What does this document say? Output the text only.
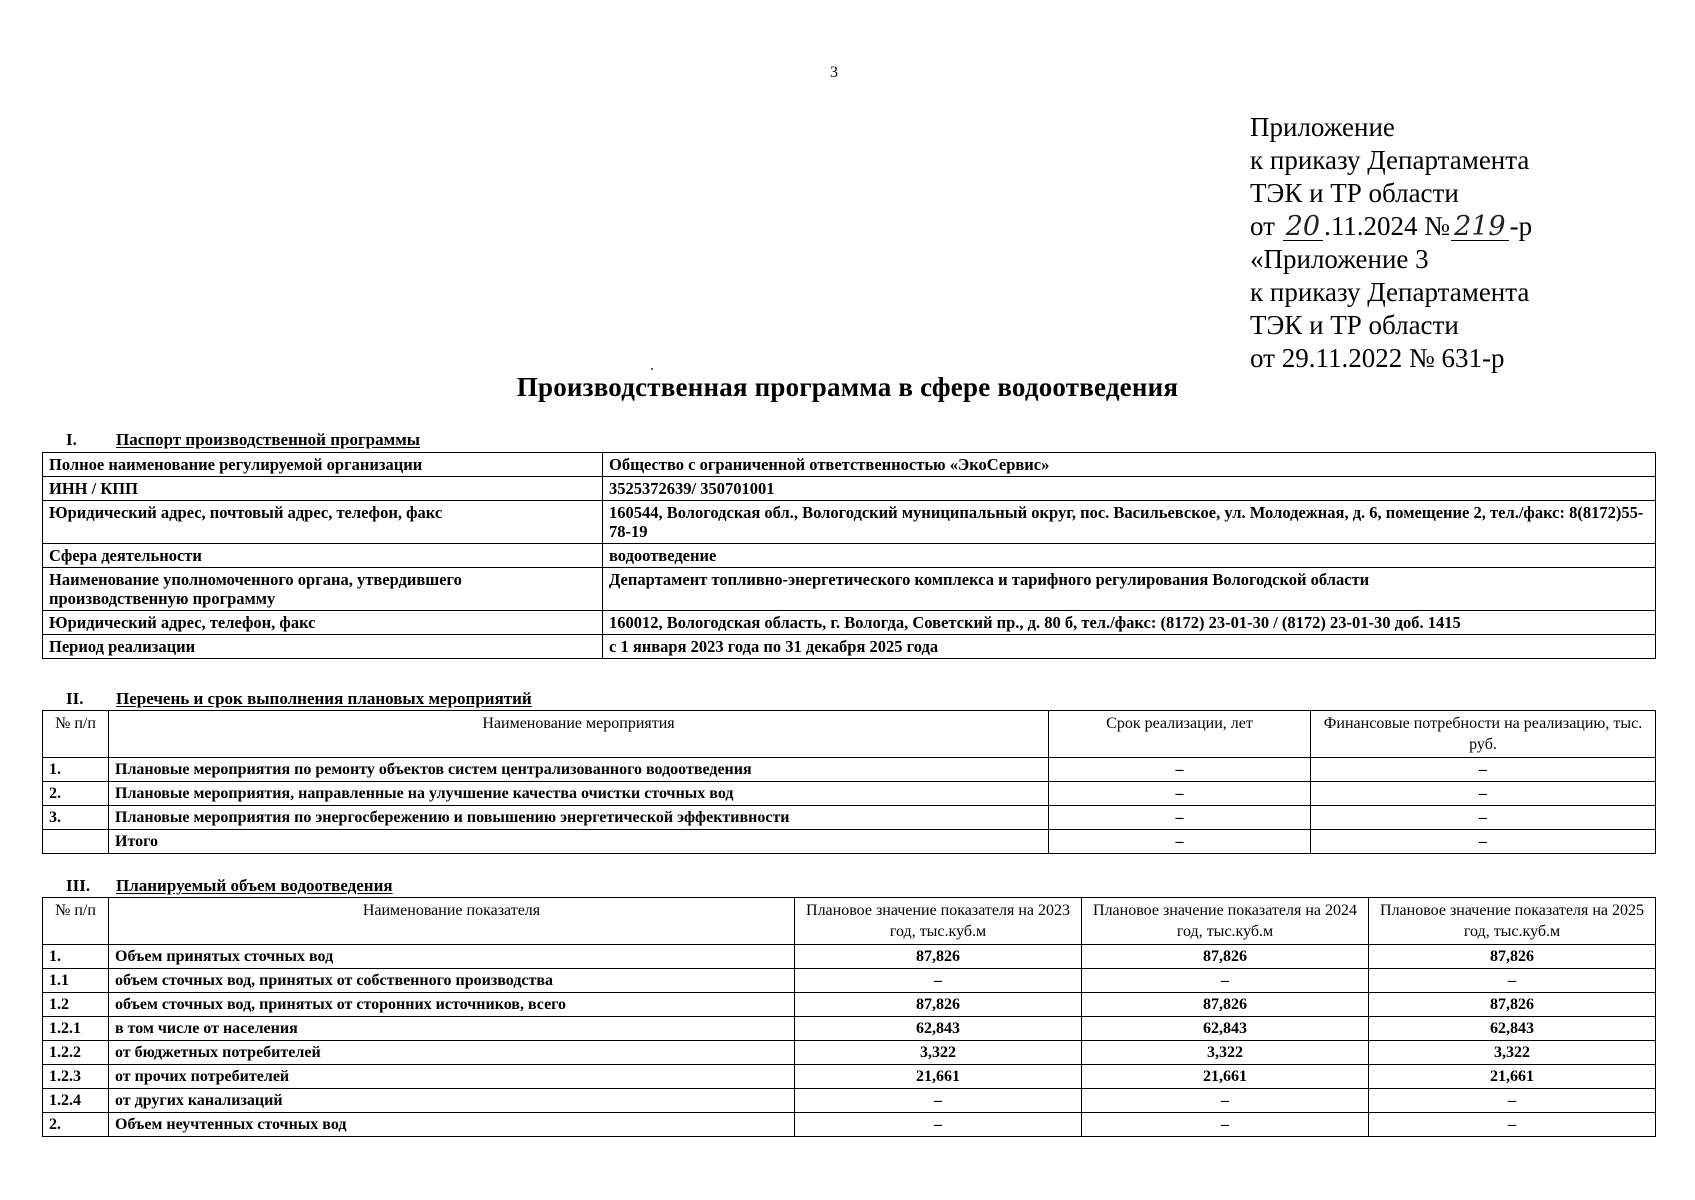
3
Приложение
к приказу Департамента
ТЭК и ТР области
от 20 .11.2024 № 219 -р
«Приложение 3
к приказу Департамента
ТЭК и ТР области
от 29.11.2022 № 631-р
Производственная программа в сфере водоотведения
I. Паспорт производственной программы
Полное наименование регулируемой организации	Общество с ограниченной ответственностью «ЭкоСервис»
ИНН / КПП	3525372639/ 350701001
Юридический адрес, почтовый адрес, телефон, факс	160544, Вологодская обл., Вологодский муниципальный округ, пос. Васильевское, ул. Молодежная, д. 6, помещение 2, тел./факс: 8(8172)55-78-19
Сфера деятельности	водоотведение
Наименование уполномоченного органа, утвердившего производственную программу	Департамент топливно-энергетического комплекса и тарифного регулирования Вологодской области
Юридический адрес, телефон, факс	160012, Вологодская область, г. Вологда, Советский пр., д. 80 б, тел./факс: (8172) 23-01-30 / (8172) 23-01-30 доб. 1415
Период реализации	с 1 января 2023 года по 31 декабря 2025 года
II. Перечень и срок выполнения плановых мероприятий
№ п/п	Наименование мероприятия	Срок реализации, лет	Финансовые потребности на реализацию, тыс. руб.
1.	Плановые мероприятия по ремонту объектов систем централизованного водоотведения	–	–
2.	Плановые мероприятия, направленные на улучшение качества очистки сточных вод	–	–
3.	Плановые мероприятия по энергосбережению и повышению энергетической эффективности	–	–
	Итого	–	–
III. Планируемый объем водоотведения
№ п/п	Наименование показателя	Плановое значение показателя на 2023 год, тыс.куб.м	Плановое значение показателя на 2024 год, тыс.куб.м	Плановое значение показателя на 2025 год, тыс.куб.м
1.	Объем принятых сточных вод	87,826	87,826	87,826
1.1	объем сточных вод, принятых от собственного производства	–	–	–
1.2	объем сточных вод, принятых от сторонних источников, всего	87,826	87,826	87,826
1.2.1	в том числе от населения	62,843	62,843	62,843
1.2.2	от бюджетных потребителей	3,322	3,322	3,322
1.2.3	от прочих потребителей	21,661	21,661	21,661
1.2.4	от других канализаций	–	–	–
2.	Объем неучтенных сточных вод	–	–	–
